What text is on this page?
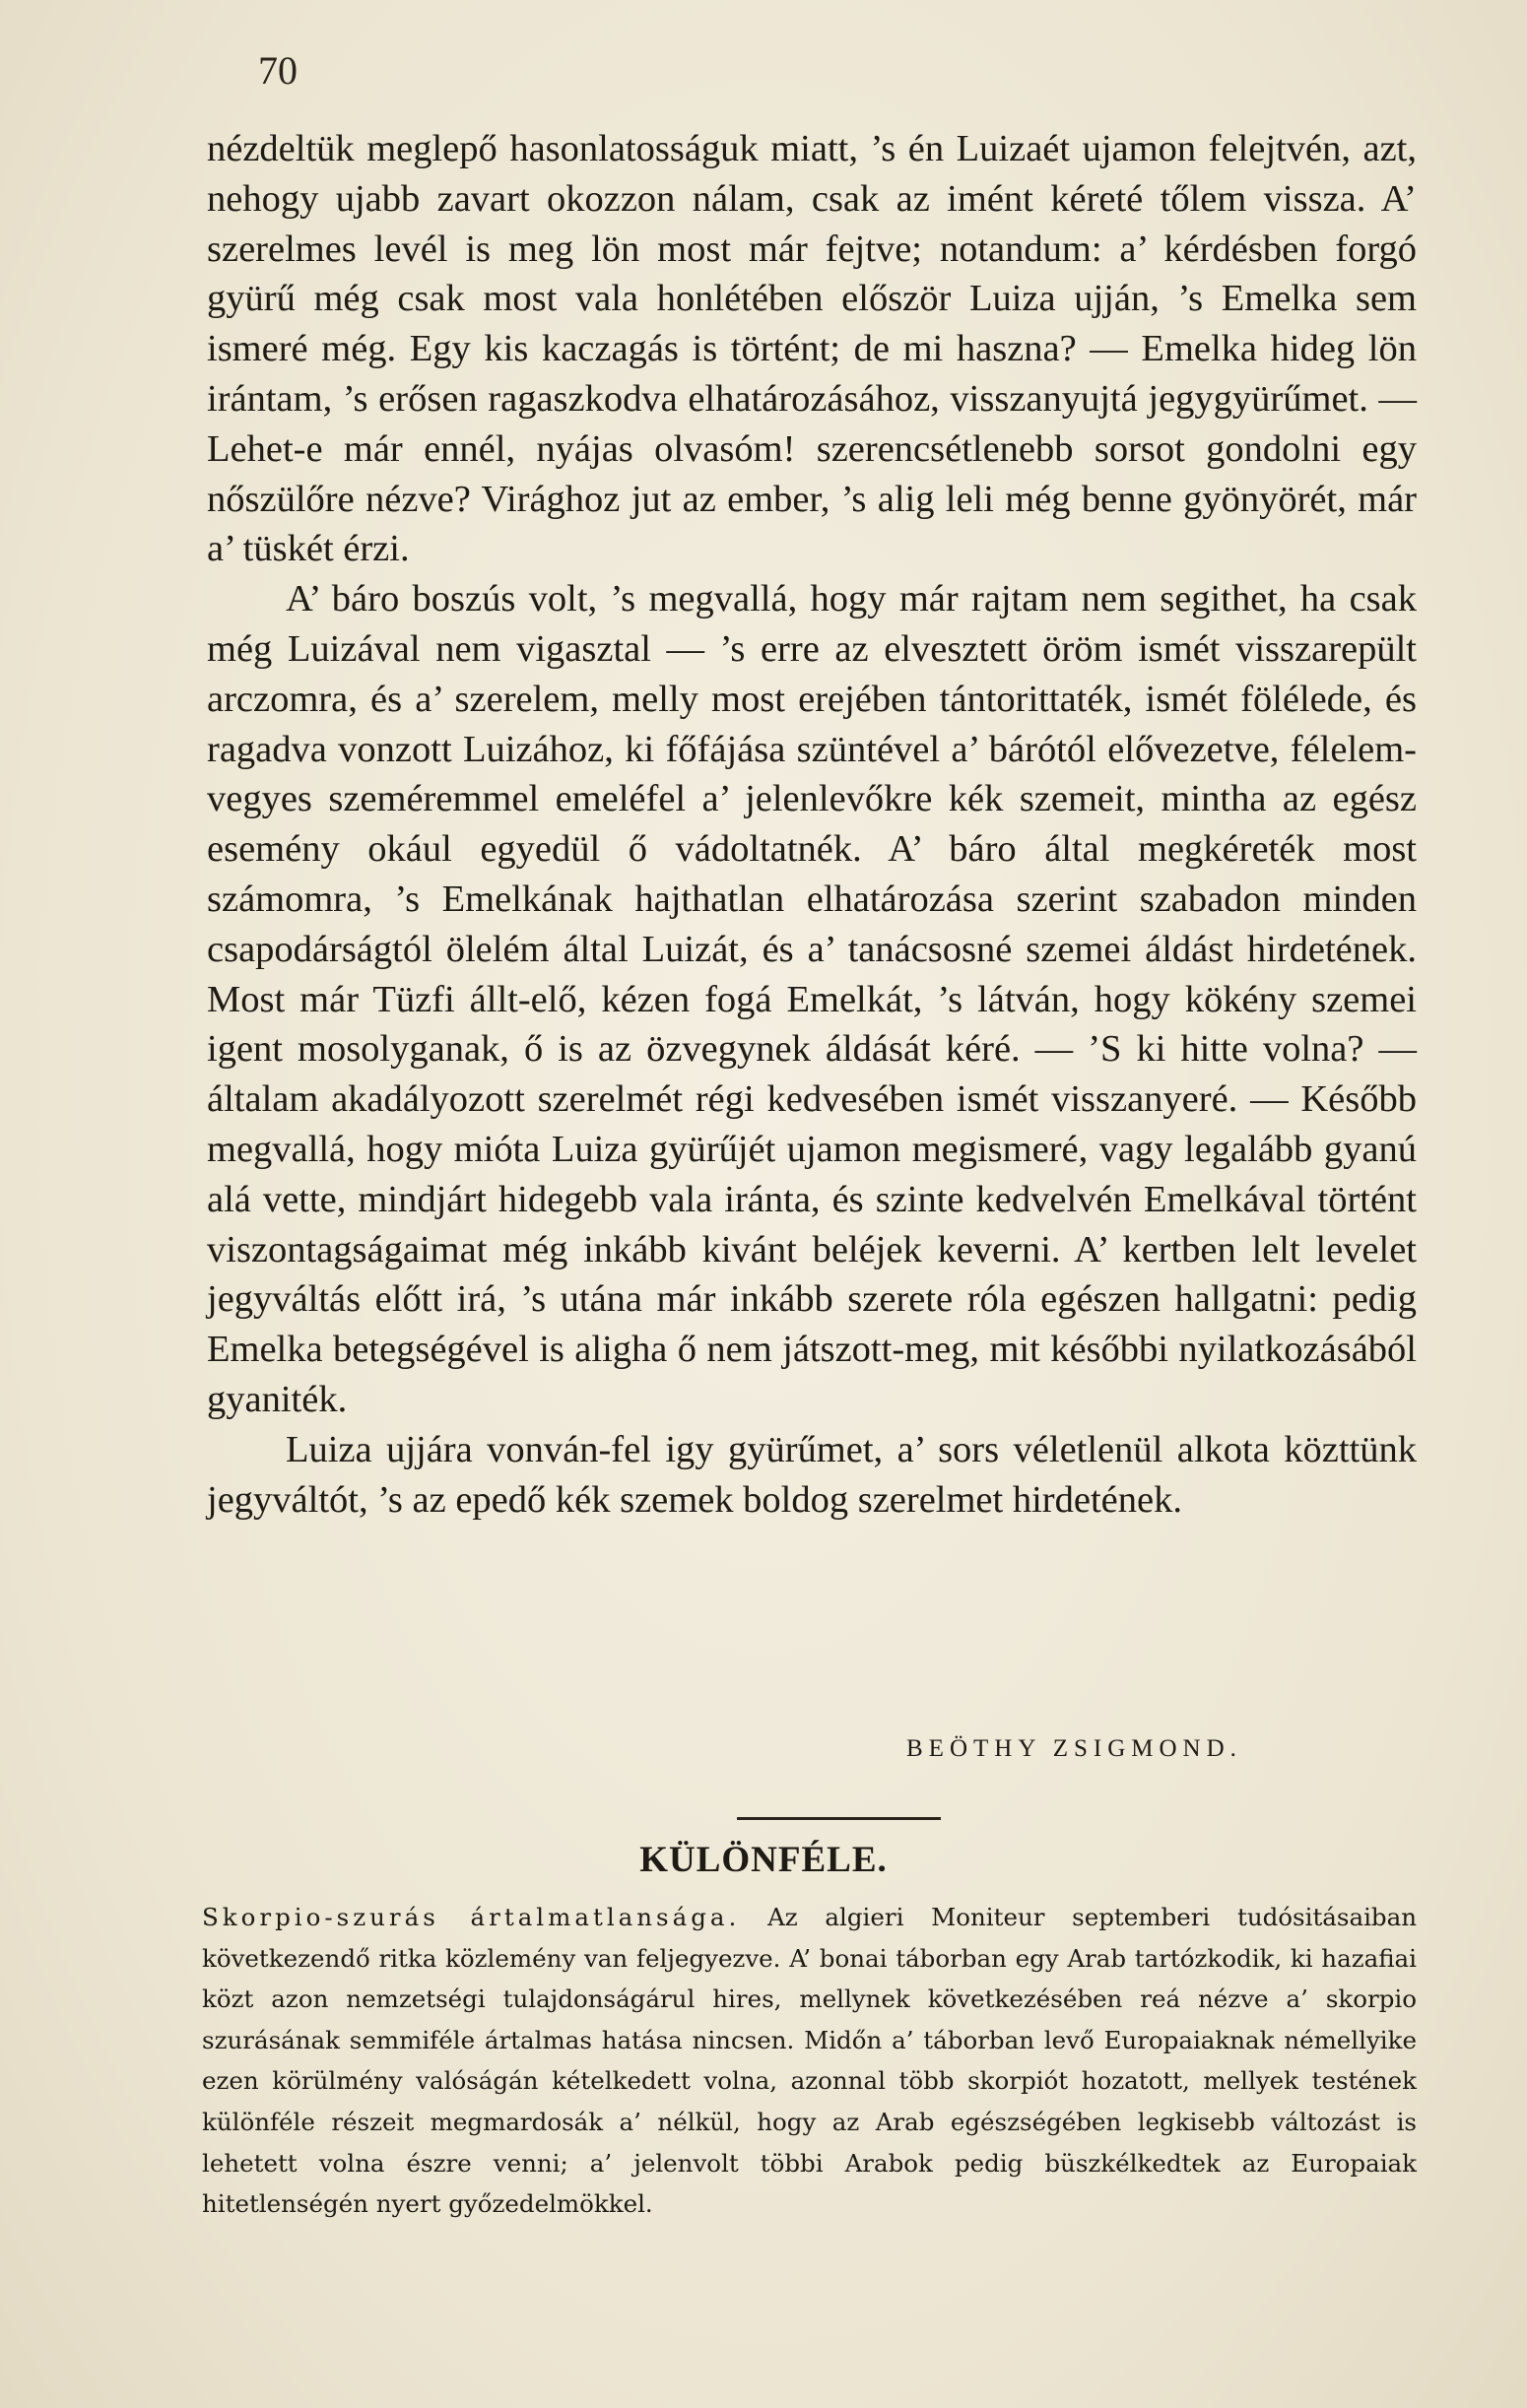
70

nézdeltük meglepő hasonlatosságuk miatt, ’s én Luizaét ujamon felejtvén, azt, nehogy ujabb zavart okozzon nálam, csak az imént kéreté tőlem vissza. A’ szerelmes levél is meg lön most már fejtve; notandum: a’ kérdésben forgó gyürű még csak most vala honlétében először Luiza ujján, ’s Emelka sem ismeré még. Egy kis kaczagás is történt; de mi haszna? — Emelka hideg lön irántam, ’s erősen ragaszkodva elhatározásához, visszanyujtá jegygyürűmet. — Lehet-e már ennél, nyájas olvasóm! szerencsétlenebb sorsot gondolni egy nőszülőre nézve? Virághoz jut az ember, ’s alig leli még benne gyönyörét, már a’ tüskét érzi.

A’ báro boszús volt, ’s megvallá, hogy már rajtam nem segithet, ha csak még Luizával nem vigasztal — ’s erre az elvesztett öröm ismét visszarepült arczomra, és a’ szerelem, melly most erejében tántorittaték, ismét fölélede, és ragadva vonzott Luizához, ki főfájása szüntével a’ bárótól elővezetve, félelem-vegyes szeméremmel emeléfel a’ jelenlevőkre kék szemeit, mintha az egész esemény okául egyedül ő vádoltatnék. A’ báro által megkéreték most számomra, ’s Emelkának hajthatlan elhatározása szerint szabadon minden csapodárságtól ölelém által Luizát, és a’ tanácsosné szemei áldást hirdetének. Most már Tüzfi állt-elő, kézen fogá Emelkát, ’s látván, hogy kökény szemei igent mosolyganak, ő is az özvegynek áldását kéré. — ’S ki hitte volna? — általam akadályozott szerelmét régi kedvesében ismét visszanyeré. — Később megvallá, hogy mióta Luiza gyürűjét ujamon megismeré, vagy legalább gyanú alá vette, mindjárt hidegebb vala iránta, és szinte kedvelvén Emelkával történt viszontagságaimat még inkább kivánt beléjek keverni. A’ kertben lelt levelet jegyváltás előtt irá, ’s utána már inkább szerete róla egészen hallgatni: pedig Emelka betegségével is aligha ő nem játszott-meg, mit későbbi nyilatkozásából gyaniték.

Luiza ujjára vonván-fel igy gyürűmet, a’ sors véletlenül alkota közttünk jegyváltót, ’s az epedő kék szemek boldog szerelmet hirdetének.

BEÖTHY ZSIGMOND.
KÜLÖNFÉLE.

Skorpio-szurás ártalmatlansága. Az algieri Moniteur septemberi tudósitásaiban következendő ritka közlemény van feljegyezve. A’ bonai táborban egy Arab tartózkodik, ki hazafiai közt azon nemzetségi tulajdonságárul hires, mellynek következésében reá nézve a’ skorpio szurásának semmiféle ártalmas hatása nincsen. Midőn a’ táborban levő Europaiaknak némellyike ezen körülmény valóságán kételkedett volna, azonnal több skorpiót hozatott, mellyek testének különféle részeit megmardosák a’ nélkül, hogy az Arab egészségében legkisebb változást is lehetett volna észre venni; a’ jelenvolt többi Arabok pedig büszkélkedtek az Europaiak hitetlenségén nyert győzedelmökkel.
